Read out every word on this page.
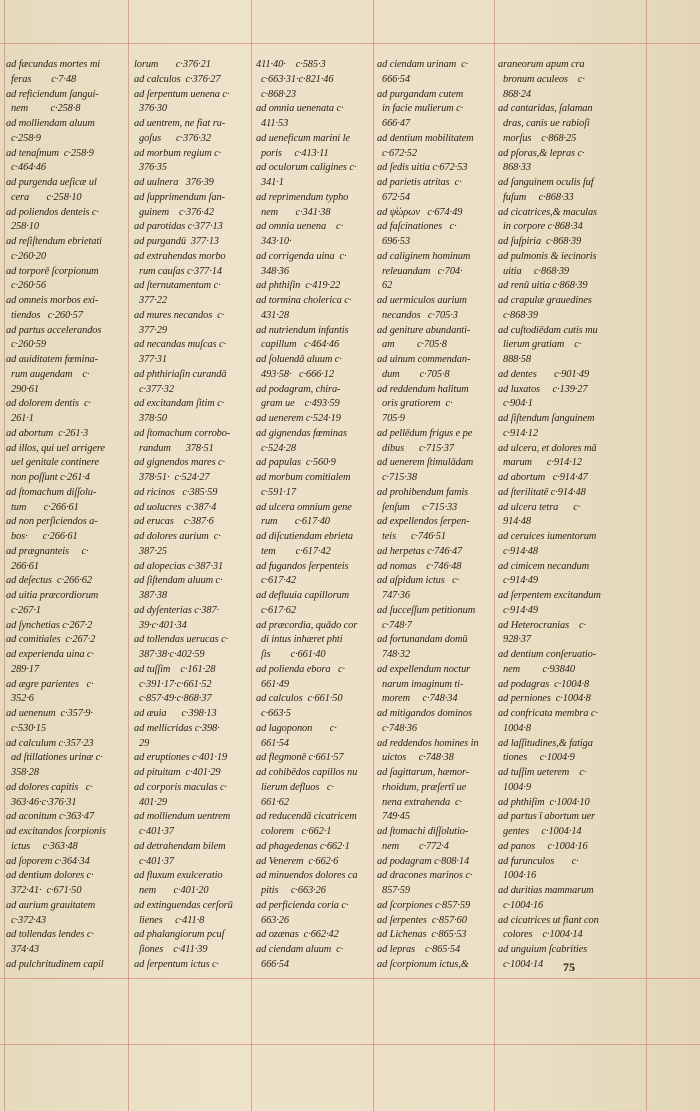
ad fæcundas mortes mi
feras        c·7·48
ad reficiendum ſangui-
nem         c·258·8
ad molliendam aluum
c·258·9
ad tenaſmum  c·258·9
c·464·46
ad purgenda ueſicæ ul
cera       c·258·10
ad poliendos denteis c·
258·10
ad reſiſtendum ebrietati
c·260·20
ad torporē ſcorpionum
c·260·56
ad omneis morbos exi-
tiendos   c·260·57
ad partus accelerandos
c·260·59
ad auiditatem fœmina-
rum augendam    c·
290·61
ad dolorem dentis  c·
261·1
ad abortum  c·261·3
ad illos, qui uel arrigere
uel genitale continere
non poſſunt c·261·4
ad ſtomachum diſſolu-
tum       c·266·61
ad non perſiciendos a-
bos·      c·266·61
ad prægnanteis     c·
266·61
ad deſectus  c·266·62
ad uitia præcordiorum
c·267·1
ad ſynchetias c·267·2
ad comitiales  c·267·2
ad experienda uina c·
289·17
ad ægre parientes   c·
352·6
ad uenenum  c·357·9·
c·530·15
ad calculum c·357·23
ad ſtillationes urinæ c·
358·28
ad dolores capitis   c·
363·46·c·376·31
ad aconitum c·363·47
ad excitandos ſcorpionis
ictus     c·363·48
ad ſoporem c·364·34
ad dentium dolores c·
372·41·  c·671·50
ad aurium grauitatem
c·372·43
ad tollendas lendes c·
374·43
ad pulchritudinem capil
lorum       c·376·21
ad calculos  c·376·27
ad ſerpentum uenena c·
376·30
ad uentrem, ne fiat ru-
goſus      c·376·32
ad morbum regium c·
376·35
ad uulnera   376·39
ad ſupprimendum ſan-
guinem    c·376·42
ad parotidas c·377·13
ad purgandū  377·13
ad extrahendas morbo
rum cauſas c·377·14
ad ſternutamentum c·
377·22
ad mures necandos  c·
377·29
ad necandas muſcas c·
377·31
ad phthiriaſin curandā
c·377·32
ad excitandam ſitim c·
378·50
ad ſtomachum corrobo-
randum      378·51
ad gignendos mares c·
378·51·  c·524·27
ad ricinos   c·385·59
ad uolucres  c·387·4
ad erucas    c·387·6
ad dolores aurium  c·
387·25
ad alopecias c·387·31
ad ſiſtendam aluum c·
387·38
ad dyſenterias c·387·
39·c·401·34
ad tollendas uerucas c·
387·38·c·402·59
ad tuſſim    c·161·28
c·391·17·c·661·52
c·857·49·c·868·37
ad æuia      c·398·13
ad mellicridas c·398·
29
ad eruptiones c·401·19
ad pituitam  c·401·29
ad corporis maculas c·
401·29
ad molliendum uentrem
c·401·37
ad detrahendam bilem
c·401·37
ad fluxum exulceratio
nem       c·401·20
ad extinguendas cerſorū
lienes     c·411·8
ad phalangiorum pcuſ
ſiones    c·411·39
ad ſerpentum ictus c·
411·40·    c·585·3
c·663·31·c·821·46
c·868·23
ad omnia uenenata c·
411·53
ad ueneficum marini le
poris     c·413·11
ad oculorum caligines c·
341·1
ad reprimendum typho
nem       c·341·38
ad omnia uenena    c·
343·10·
ad corrigenda uina  c·
348·36
ad phthiſin  c·419·22
ad tormina cholerica c·
431·28
ad nutriendum infantis
capillum   c·464·46
ad ſoluendā aluum c·
493·58·   c·666·12
ad podagram, chira-
gram ue    c·493·59
ad uenerem c·524·19
ad gignendas fœminas
c·524·28
ad papulas  c·560·9
ad morbum comitialem
c·591·17
ad ulcera omnium gene
rum       c·617·40
ad diſcutiendam ebrieta
tem        c·617·42
ad fugandos ſerpenteis
c·617·42
ad defluuia capillorum
c·617·62
ad præcordia, quādo cor
di intus inhæret phti
ſis        c·661·40
ad polienda ebora   c·
661·49
ad calculos  c·661·50
c·663·5
ad lagoponon       c·
661·54
ad flegmonē c·661·57
ad cohibēdos capillos nu
lierum defluos   c·
661·62
ad reducendā cicatricem
colorem   c·662·1
ad phagedenas c·662·1
ad Venerem  c·662·6
ad minuendos dolores ca
pitis     c·663·26
ad perficienda coria c·
663·26
ad ozænas  c·662·42
ad ciendam aluum  c·
666·54
ad ciendam urinam  c·
666·54
ad purgandam cutem
in facie mulierum c·
666·47
ad dentium mobilitatem
c·672·52
ad ſedis uitia c·672·53
ad parietis atritas  c·
672·54
ad ψ̓ώρων   c·674·49
ad faſcinationes   c·
696·53
ad caliginem hominum
releuandam   c·704·
62
ad uermiculos aurium
necandos   c·705·3
ad geniture abundanti-
am         c·705·8
ad uinum commendan-
dum        c·705·8
ad reddendum halitum
oris gratiorem  c·
705·9
ad pellēdum frigus e pe
dibus      c·715·37
ad uenerem ſtimulādam
c·715·38
ad prohibendum famis
ſenſum     c·715·33
ad expellendos ſerpen-
teis      c·746·51
ad herpetas c·746·47
ad nomas    c·746·48
ad aſpidum ictus   c·
747·36
ad ſucceſſum petitionum
c·748·7
ad fortunandam domū
748·32
ad expellendum noctur
narum imaginum ti-
morem     c·748·34
ad mitigandos dominos
c·748·36
ad reddendos homines in
uictos     c·748·38
ad ſagittarum, hæmor-
rhoidum, præſertī ue
nena extrahenda  c·
749·45
ad ſtomachi diſſolutio-
nem        c·772·4
ad podagram c·808·14
ad dracones marinos c·
857·59
ad ſcorpiones c·857·59
ad ſerpentes  c·857·60
ad Lichenas  c·865·53
ad lepras    c·865·54
ad ſcorpionum ictus,&
araneorum apum cra
bronum aculeos    c·
868·24
ad cantaridas, ſalaman
dras, canis ue rabioſi
morſus    c·868·25
ad pſoras,& lepras c·
868·33
ad ſanguinem oculis ſuf
fuſum     c·868·33
ad cicatrices,& maculas
in corpore c·868·34
ad ſuſpiria  c·868·39
ad pulmonis & iecinoris
uitia     c·868·39
ad renū uitia c·868·39
ad crapulæ grauedines
c·868·39
ad cuſtodiēdam cutis mu
lierum gratiam    c·
888·58
ad dentes       c·901·49
ad luxatos     c·139·27
c·904·1
ad ſiſtendum ſanguinem
c·914·12
ad ulcera, et dolores mā
marum      c·914·12
ad abortum   c·914·47
ad ſterilitatē c·914·48
ad ulcera tetra      c·
914·48
ad ceruices iumentorum
c·914·48
ad cimicem necandum
c·914·49
ad ſerpentem excitandum
c·914·49
ad Heterocranias    c·
928·37
ad dentium conſeruatio-
nem         c·93840
ad podagras  c·1004·8
ad perniones  c·1004·8
ad confricata membra c·
1004·8
ad laſſitudines,& fatiga
tiones     c·1004·9
ad tuſſim ueterem    c·
1004·9
ad phthiſim  c·1004·10
ad partus ī abortum uer
gentes     c·1004·14
ad panos     c·1004·16
ad furunculos       c·
1004·16
ad duritias mammarum
c·1004·16
ad cicatrices ut fiant con
colores    c·1004·14
ad unguium ſcabrities
c·1004·14	75
